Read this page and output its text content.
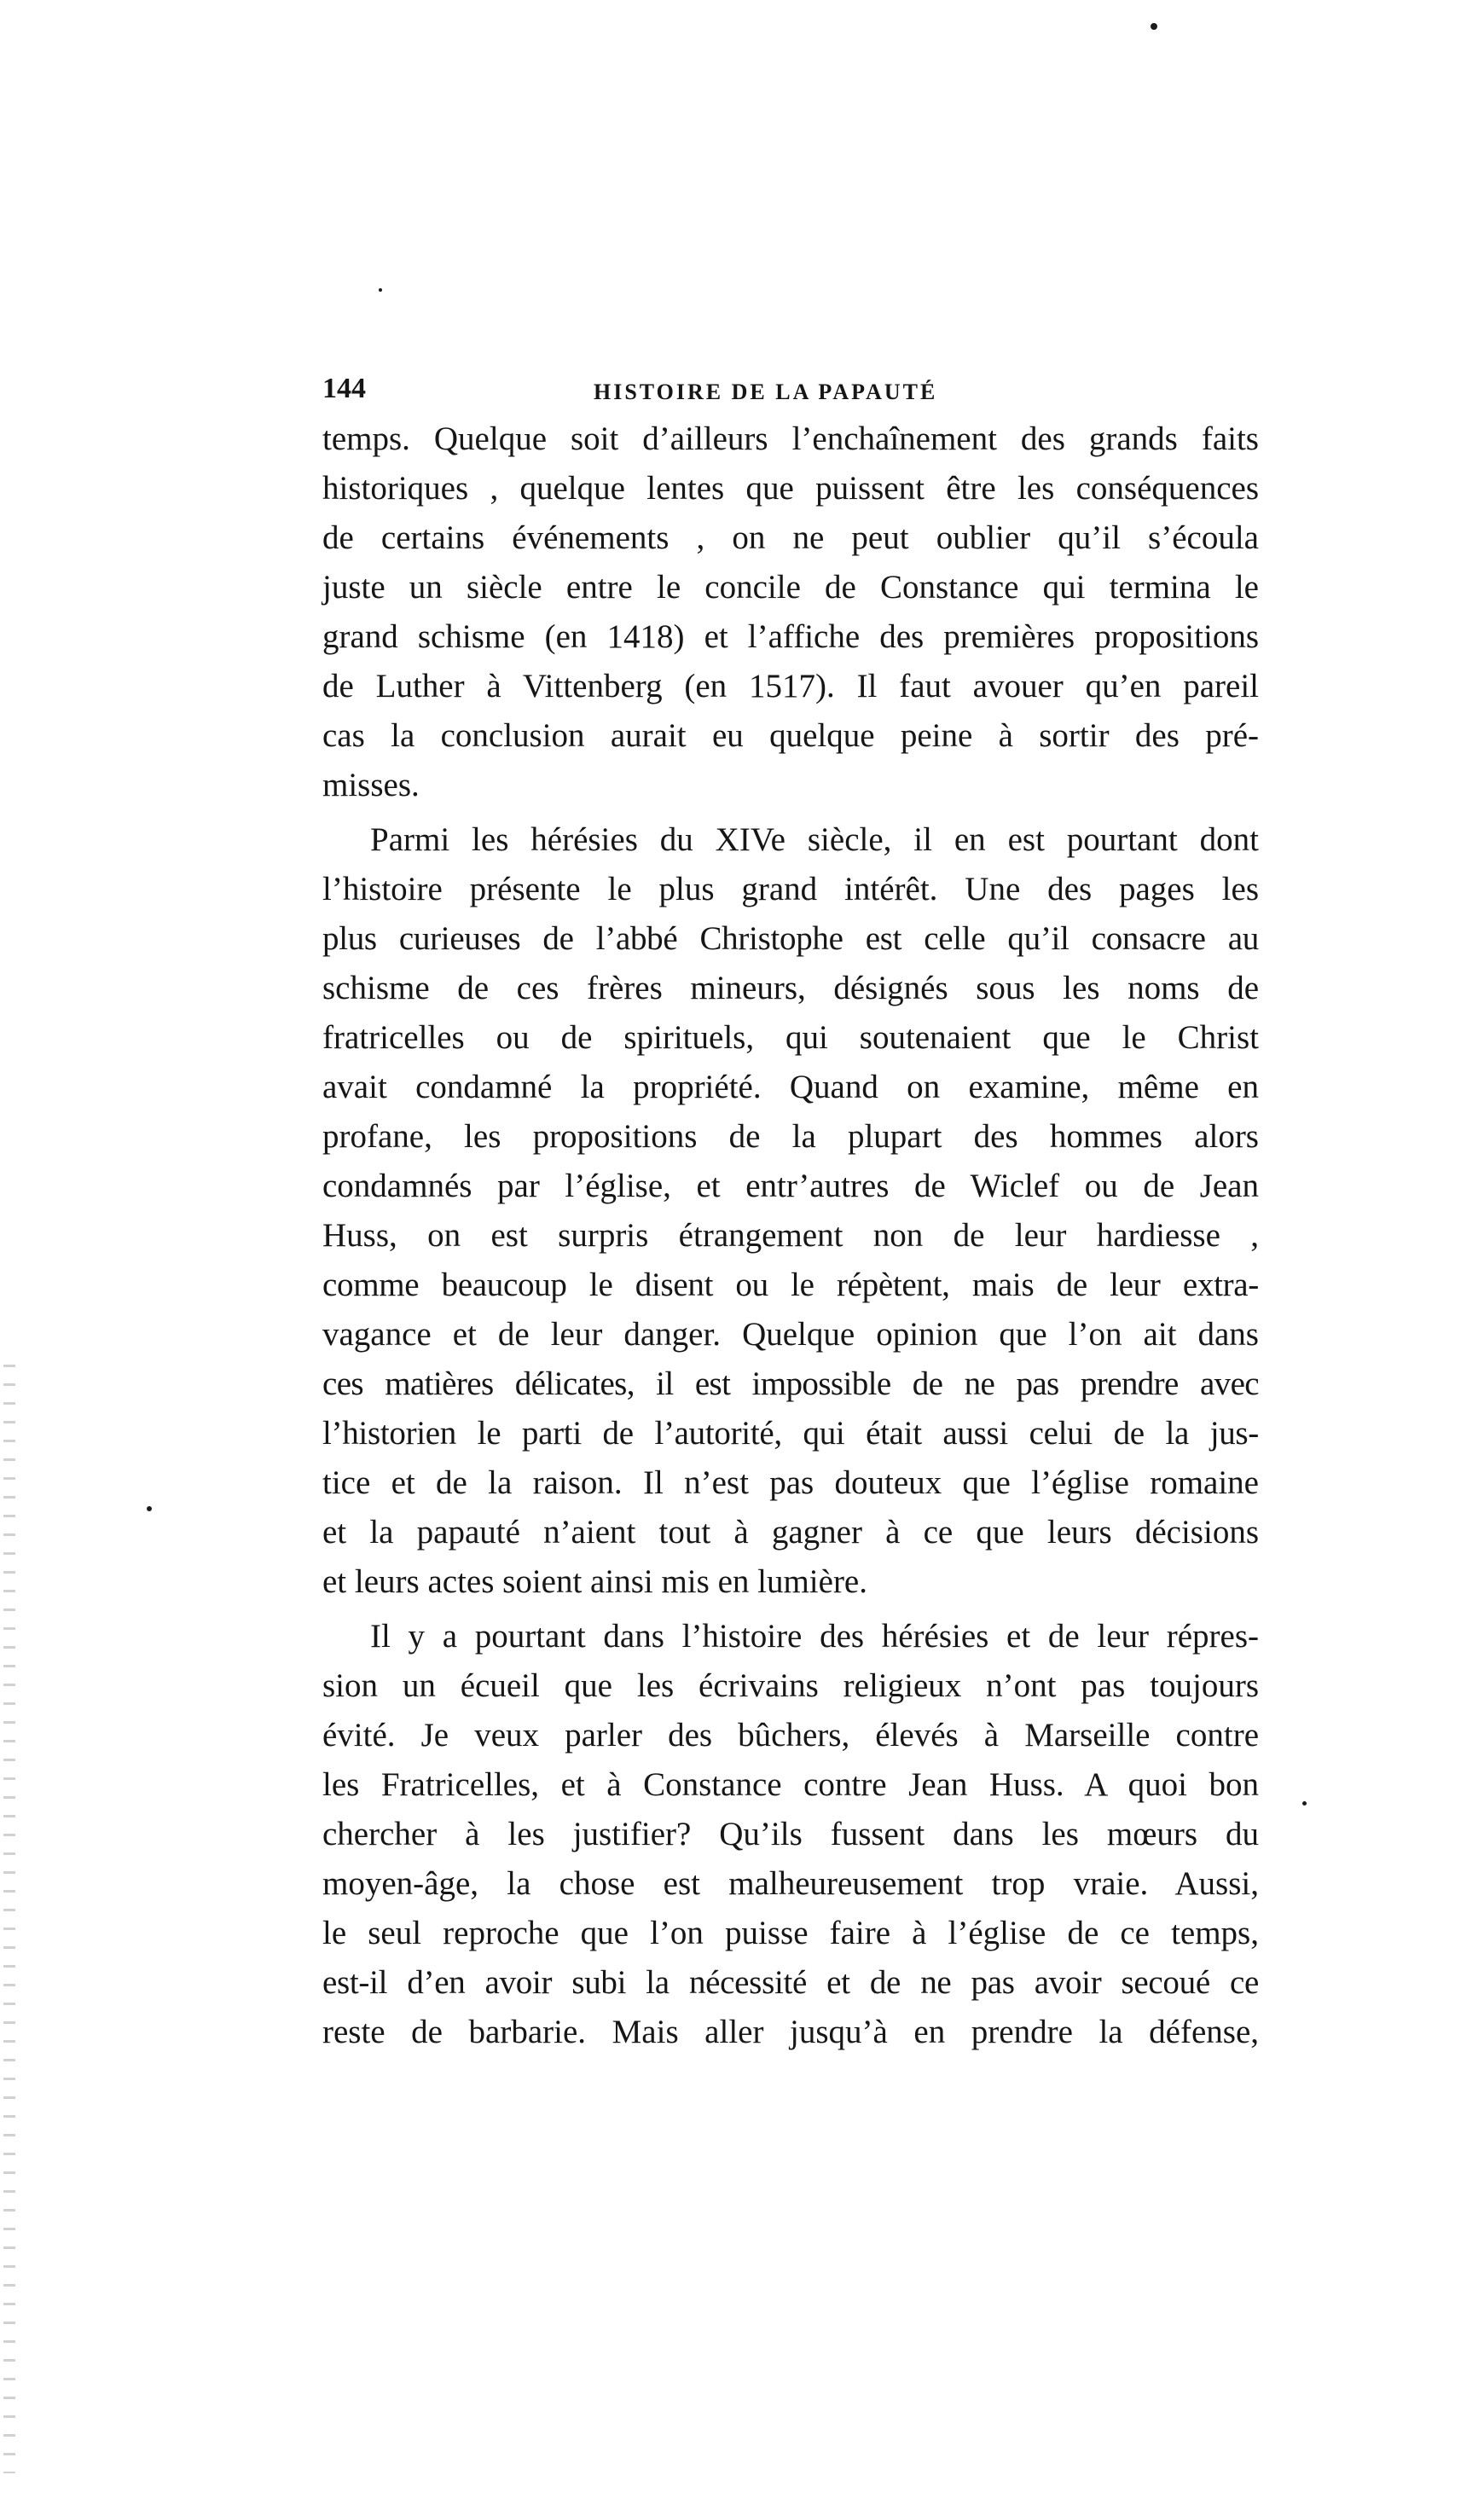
144	HISTOIRE DE LA PAPAUTÉ
temps. Quelque soit d’ailleurs l’enchaînement des grands faits
historiques , quelque lentes que puissent être les conséquences
de certains événements , on ne peut oublier qu’il s’écoula
juste un siècle entre le concile de Constance qui termina le
grand schisme (en 1418) et l’affiche des premières propositions
de Luther à Vittenberg (en 1517). Il faut avouer qu’en pareil
cas la conclusion aurait eu quelque peine à sortir des pré-
misses.
Parmi les hérésies du XIVe siècle, il en est pourtant dont
l’histoire présente le plus grand intérêt. Une des pages les
plus curieuses de l’abbé Christophe est celle qu’il consacre au
schisme de ces frères mineurs, désignés sous les noms de
fratricelles ou de spirituels, qui soutenaient que le Christ
avait condamné la propriété. Quand on examine, même en
profane, les propositions de la plupart des hommes alors
condamnés par l’église, et entr’autres de Wiclef ou de Jean
Huss, on est surpris étrangement non de leur hardiesse ,
comme beaucoup le disent ou le répètent, mais de leur extra-
vagance et de leur danger. Quelque opinion que l’on ait dans
ces matières délicates, il est impossible de ne pas prendre avec
l’historien le parti de l’autorité, qui était aussi celui de la jus-
tice et de la raison. Il n’est pas douteux que l’église romaine
et la papauté n’aient tout à gagner à ce que leurs décisions
et leurs actes soient ainsi mis en lumière.
Il y a pourtant dans l’histoire des hérésies et de leur répres-
sion un écueil que les écrivains religieux n’ont pas toujours
évité. Je veux parler des bûchers, élevés à Marseille contre
les Fratricelles, et à Constance contre Jean Huss. A quoi bon
chercher à les justifier? Qu’ils fussent dans les mœurs du
moyen-âge, la chose est malheureusement trop vraie. Aussi,
le seul reproche que l’on puisse faire à l’église de ce temps,
est-il d’en avoir subi la nécessité et de ne pas avoir secoué ce
reste de barbarie. Mais aller jusqu’à en prendre la défense,
